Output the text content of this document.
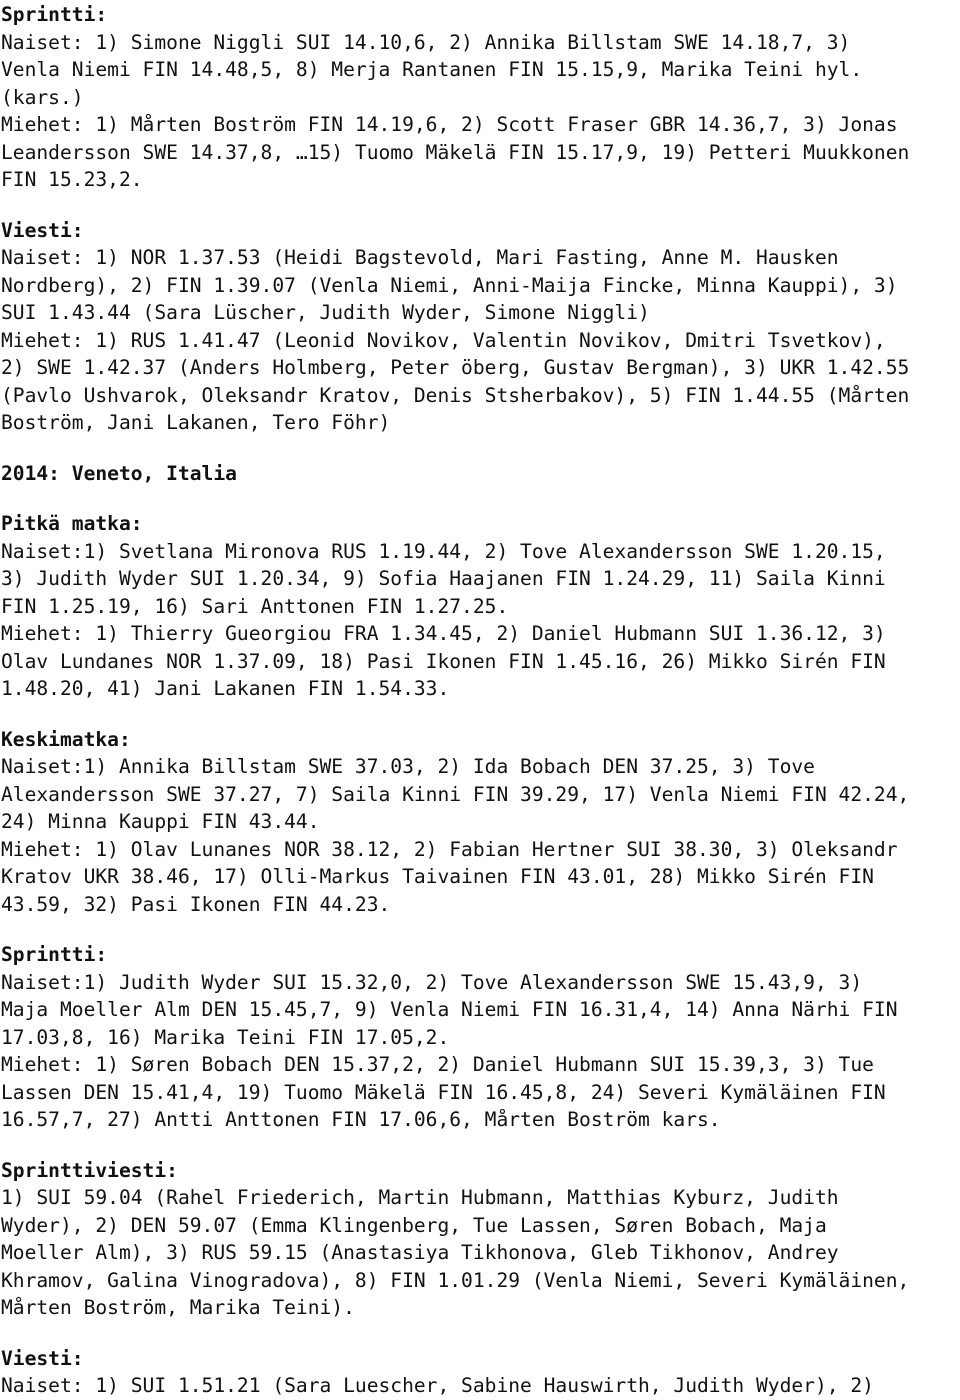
Sprintti:
Naiset: 1) Simone Niggli SUI 14.10,6, 2) Annika Billstam SWE 14.18,7, 3)
Venla Niemi FIN 14.48,5, 8) Merja Rantanen FIN 15.15,9, Marika Teini hyl.
(kars.)
Miehet: 1) Mårten Boström FIN 14.19,6, 2) Scott Fraser GBR 14.36,7, 3) Jonas
Leandersson SWE 14.37,8, …15) Tuomo Mäkelä FIN 15.17,9, 19) Petteri Muukkonen
FIN 15.23,2.
Viesti:
Naiset: 1) NOR 1.37.53 (Heidi Bagstevold, Mari Fasting, Anne M. Hausken
Nordberg), 2) FIN 1.39.07 (Venla Niemi, Anni-Maija Fincke, Minna Kauppi), 3)
SUI 1.43.44 (Sara Lüscher, Judith Wyder, Simone Niggli)
Miehet: 1) RUS 1.41.47 (Leonid Novikov, Valentin Novikov, Dmitri Tsvetkov),
2) SWE 1.42.37 (Anders Holmberg, Peter öberg, Gustav Bergman), 3) UKR 1.42.55
(Pavlo Ushvarok, Oleksandr Kratov, Denis Stsherbakov), 5) FIN 1.44.55 (Mårten
Boström, Jani Lakanen, Tero Föhr)
2014: Veneto, Italia
Pitkä matka:
Naiset:1) Svetlana Mironova RUS 1.19.44, 2) Tove Alexandersson SWE 1.20.15,
3) Judith Wyder SUI 1.20.34, 9) Sofia Haajanen FIN 1.24.29, 11) Saila Kinni
FIN 1.25.19, 16) Sari Anttonen FIN 1.27.25.
Miehet: 1) Thierry Gueorgiou FRA 1.34.45, 2) Daniel Hubmann SUI 1.36.12, 3)
Olav Lundanes NOR 1.37.09, 18) Pasi Ikonen FIN 1.45.16, 26) Mikko Sirén FIN
1.48.20, 41) Jani Lakanen FIN 1.54.33.
Keskimatka:
Naiset:1) Annika Billstam SWE 37.03, 2) Ida Bobach DEN 37.25, 3) Tove
Alexandersson SWE 37.27, 7) Saila Kinni FIN 39.29, 17) Venla Niemi FIN 42.24,
24) Minna Kauppi FIN 43.44.
Miehet: 1) Olav Lunanes NOR 38.12, 2) Fabian Hertner SUI 38.30, 3) Oleksandr
Kratov UKR 38.46, 17) Olli-Markus Taivainen FIN 43.01, 28) Mikko Sirén FIN
43.59, 32) Pasi Ikonen FIN 44.23.
Sprintti:
Naiset:1) Judith Wyder SUI 15.32,0, 2) Tove Alexandersson SWE 15.43,9, 3)
Maja Moeller Alm DEN 15.45,7, 9) Venla Niemi FIN 16.31,4, 14) Anna Närhi FIN
17.03,8, 16) Marika Teini FIN 17.05,2.
Miehet: 1) Søren Bobach DEN 15.37,2, 2) Daniel Hubmann SUI 15.39,3, 3) Tue
Lassen DEN 15.41,4, 19) Tuomo Mäkelä FIN 16.45,8, 24) Severi Kymäläinen FIN
16.57,7, 27) Antti Anttonen FIN 17.06,6, Mårten Boström kars.
Sprinttiviesti:
1) SUI 59.04 (Rahel Friederich, Martin Hubmann, Matthias Kyburz, Judith
Wyder), 2) DEN 59.07 (Emma Klingenberg, Tue Lassen, Søren Bobach, Maja
Moeller Alm), 3) RUS 59.15 (Anastasiya Tikhonova, Gleb Tikhonov, Andrey
Khramov, Galina Vinogradova), 8) FIN 1.01.29 (Venla Niemi, Severi Kymäläinen,
Mårten Boström, Marika Teini).
Viesti:
Naiset: 1) SUI 1.51.21 (Sara Luescher, Sabine Hauswirth, Judith Wyder), 2)
